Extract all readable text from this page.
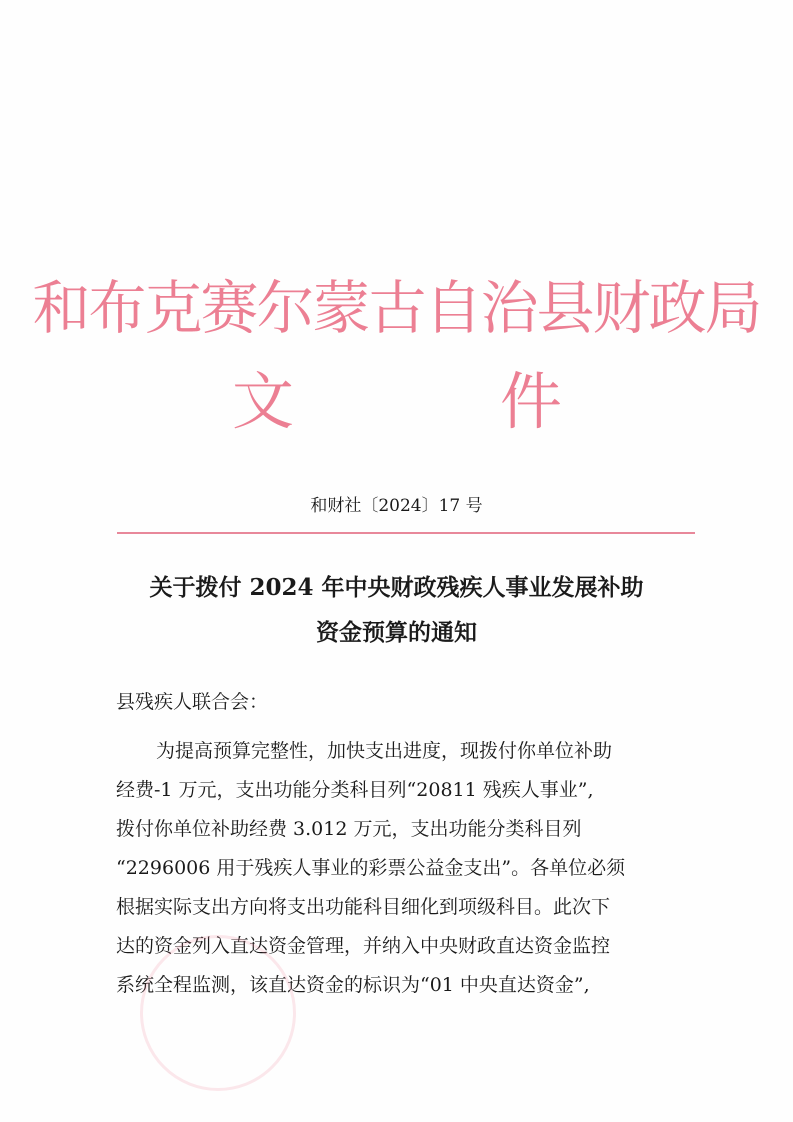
和布克赛尔蒙古自治县财政局
文	件
和财社〔2024〕17 号
关于拨付 2024 年中央财政残疾人事业发展补助
资金预算的通知
县残疾人联合会：
为提高预算完整性，加快支出进度，现拨付你单位补助
经费-1 万元，支出功能分类科目列“20811 残疾人事业”,
拨付你单位补助经费 3.012 万元，支出功能分类科目列
“2296006 用于残疾人事业的彩票公益金支出”。各单位必须
根据实际支出方向将支出功能科目细化到项级科目。此次下
达的资金列入直达资金管理，并纳入中央财政直达资金监控
系统全程监测，该直达资金的标识为“01 中央直达资金”,
